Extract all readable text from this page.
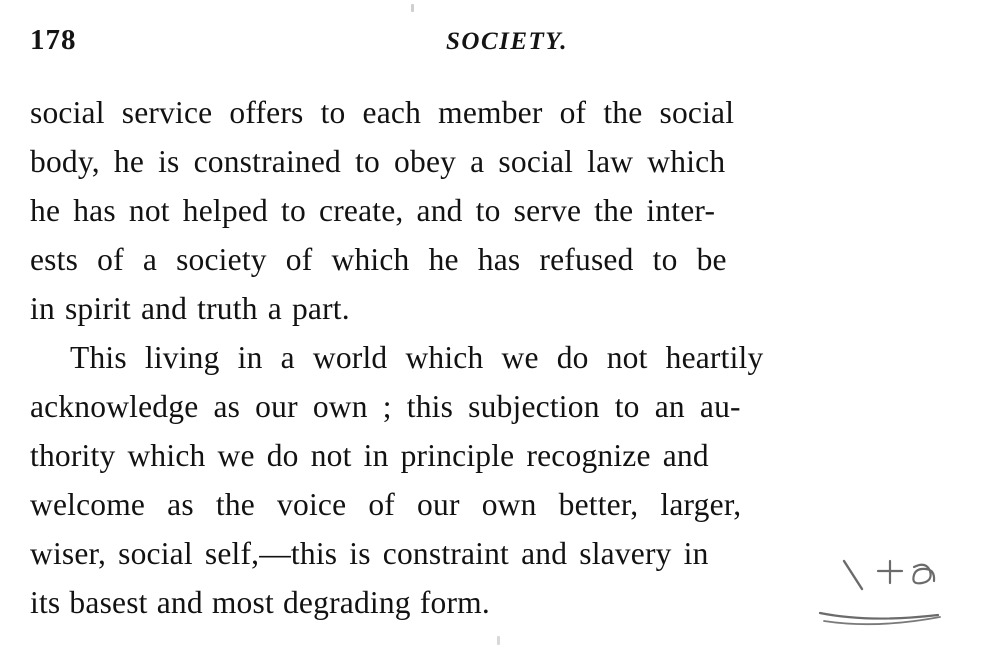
178	SOCIETY.
social service offers to each member of the social
body, he is constrained to obey a social law which
he has not helped to create, and to serve the inter-
ests of a society of which he has refused to be
in spirit and truth a part.
This living in a world which we do not heartily
acknowledge as our own ; this subjection to an au-
thority which we do not in principle recognize and
welcome as the voice of our own better, larger,
wiser, social self,—this is constraint and slavery in
its basest and most degrading form.
